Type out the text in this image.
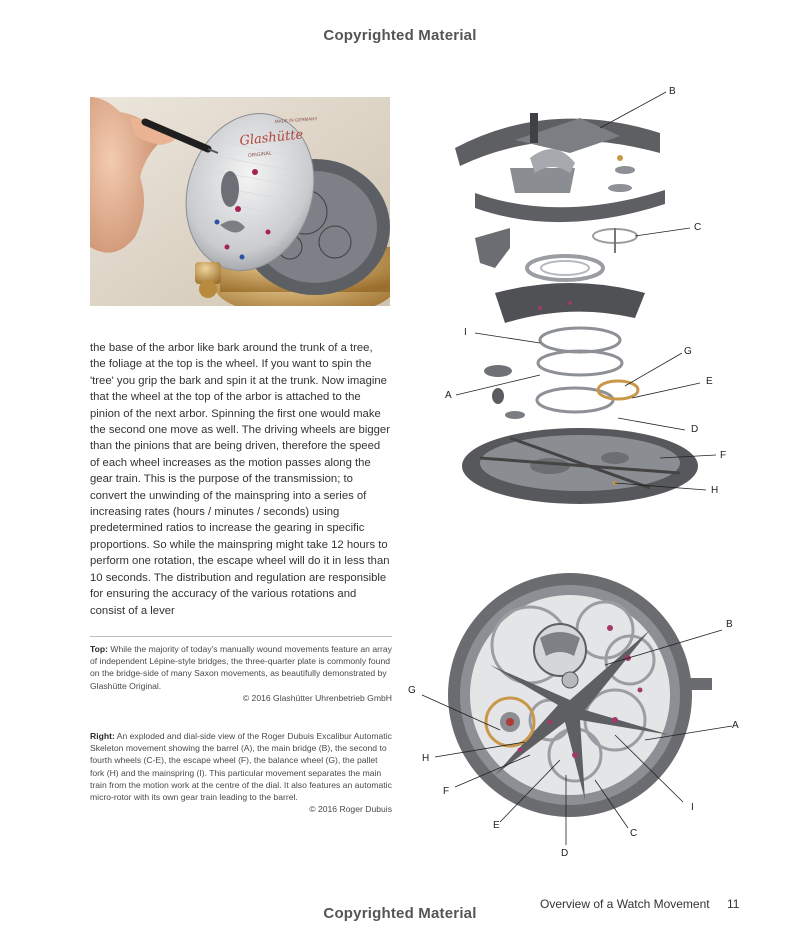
Copyrighted Material
Glashütte
ORIGINAL
MADE IN GERMANY

the base of the arbor like bark around the trunk of a tree, the foliage at the top is the wheel. If you want to spin the 'tree' you grip the bark and spin it at the trunk. Now imagine that the wheel at the top of the arbor is attached to the pinion of the next arbor. Spinning the first one would make the second one move as well. The driving wheels are bigger than the pinions that are being driven, therefore the speed of each wheel increases as the motion passes along the gear train. This is the purpose of the transmission; to convert the unwinding of the mainspring into a series of increasing rates (hours / minutes / seconds) using predetermined ratios to increase the gearing in specific proportions. So while the mainspring might take 12 hours to perform one rotation, the escape wheel will do it in less than 10 seconds. The distribution and regulation are responsible for ensuring the accuracy of the various rotations and consist of a lever

Top: While the majority of today's manually wound movements feature an array of independent Lépine-style bridges, the three-quarter plate is commonly found on the bridge-side of many Saxon movements, as beautifully demonstrated by Glashütte Original.
© 2016 Glashütter Uhrenbetrieb GmbH
Right: An exploded and dial-side view of the Roger Dubuis Excalibur Automatic Skeleton movement showing the barrel (A), the main bridge (B), the second to fourth wheels (C-E), the escape wheel (F), the balance wheel (G), the pallet fork (H) and the mainspring (I). This particular movement separates the main train from the motion work at the centre of the dial. It also features an automatic micro-rotor with its own gear train leading to the barrel.
© 2016 Roger Dubuis
B
C
I
G
E
A
D
F
H
B
G
A
H
F
I
E
C
D
Overview of a Watch Movement 11
Copyrighted Material
